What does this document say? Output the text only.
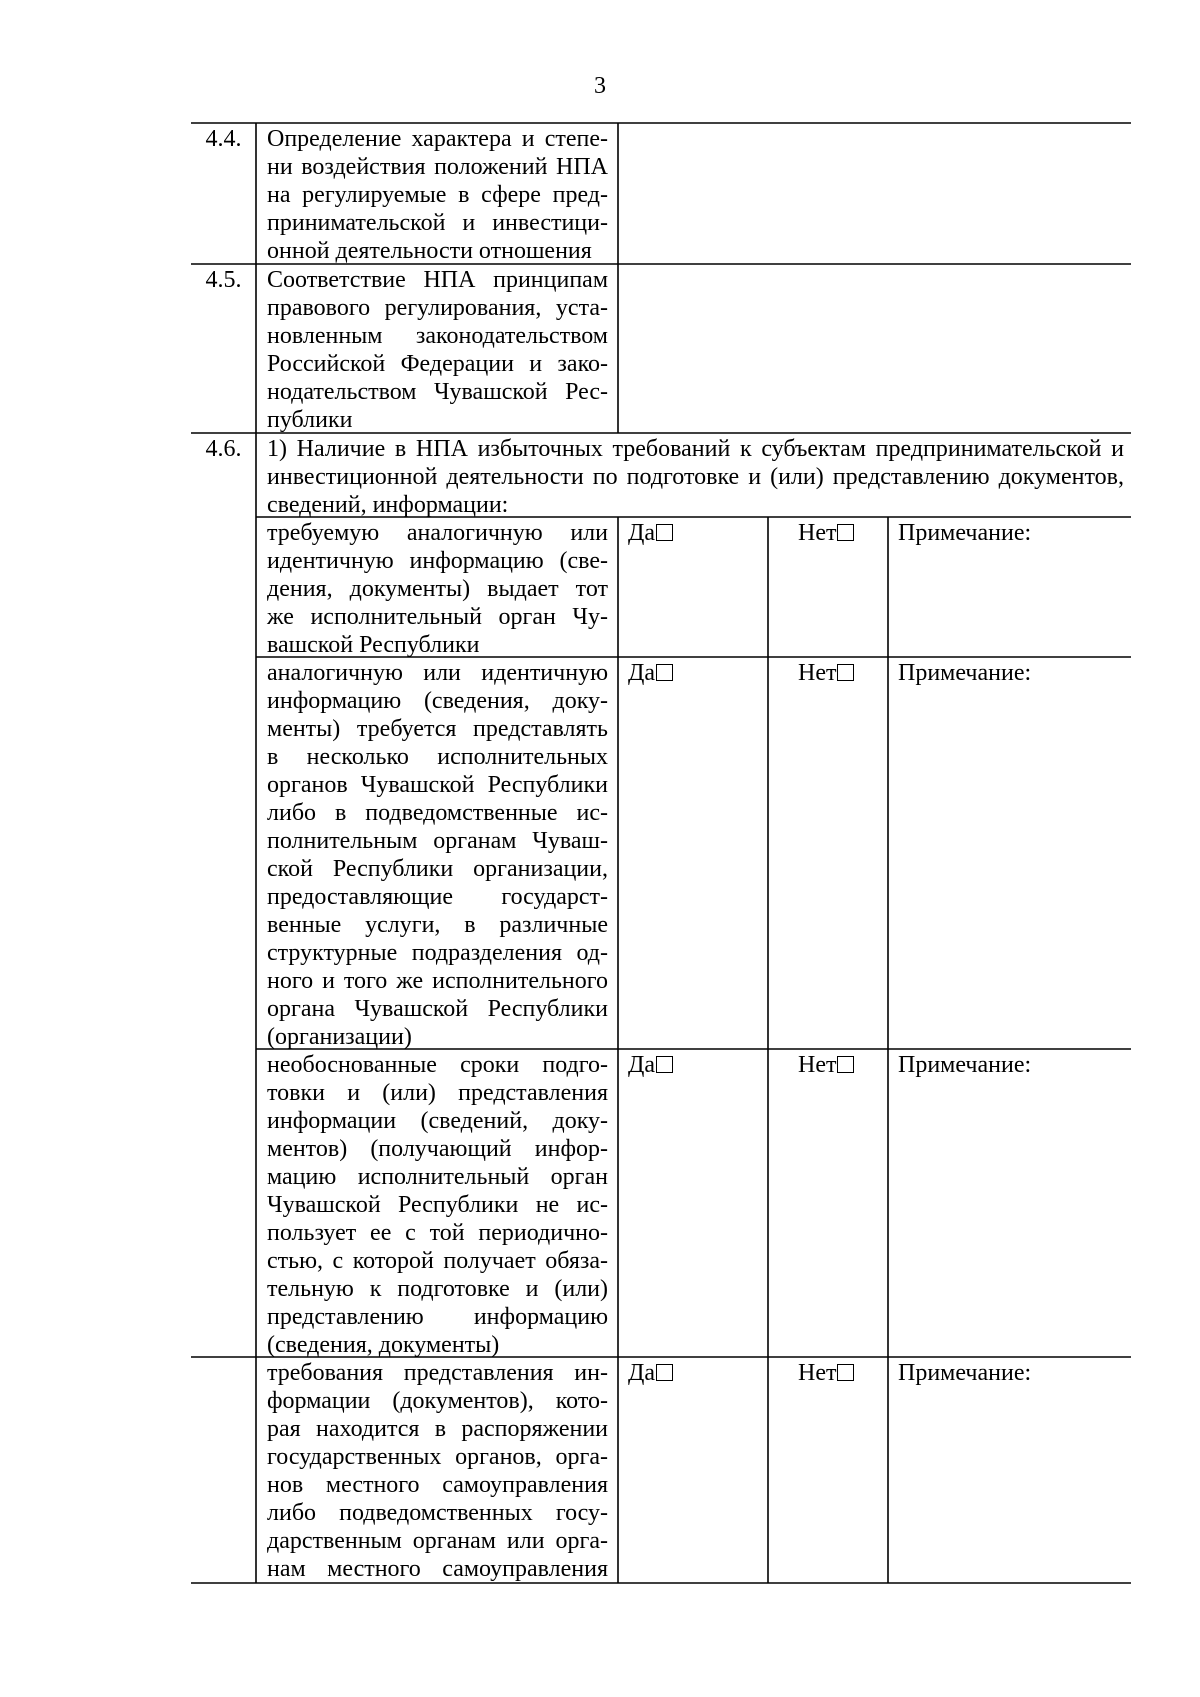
3
4.4.	Определение характера и степе-
ни воздействия положений НПА
на регулируемые в сфере пред-
принимательской и инвестици-
онной деятельности отношения
4.5.	Соответствие НПА принципам
правового регулирования, уста-
новленным законодательством
Российской Федерации и зако-
нодательством Чувашской Рес-
публики
4.6.	1) Наличие в НПА избыточных требований к субъектам предпринимательской и
инвестиционной деятельности по подготовке и (или) представлению документов,
сведений, информации:
требуемую аналогичную или
идентичную информацию (све-
дения, документы) выдает тот
же исполнительный орган Чу-
вашской Республики
Да	Нет	Примечание:
аналогичную или идентичную
информацию (сведения, доку-
менты) требуется представлять
в несколько исполнительных
органов Чувашской Республики
либо в подведомственные ис-
полнительным органам Чуваш-
ской Республики организации,
предоставляющие государст-
венные услуги, в различные
структурные подразделения од-
ного и того же исполнительного
органа Чувашской Республики
(организации)
Да	Нет	Примечание:
необоснованные сроки подго-
товки и (или) представления
информации (сведений, доку-
ментов) (получающий инфор-
мацию исполнительный орган
Чувашской Республики не ис-
пользует ее с той периодично-
стью, с которой получает обяза-
тельную к подготовке и (или)
представлению информацию
(сведения, документы)
Да	Нет	Примечание:
требования представления ин-
формации (документов), кото-
рая находится в распоряжении
государственных органов, орга-
нов местного самоуправления
либо подведомственных госу-
дарственным органам или орга-
нам местного самоуправления
Да	Нет	Примечание:
